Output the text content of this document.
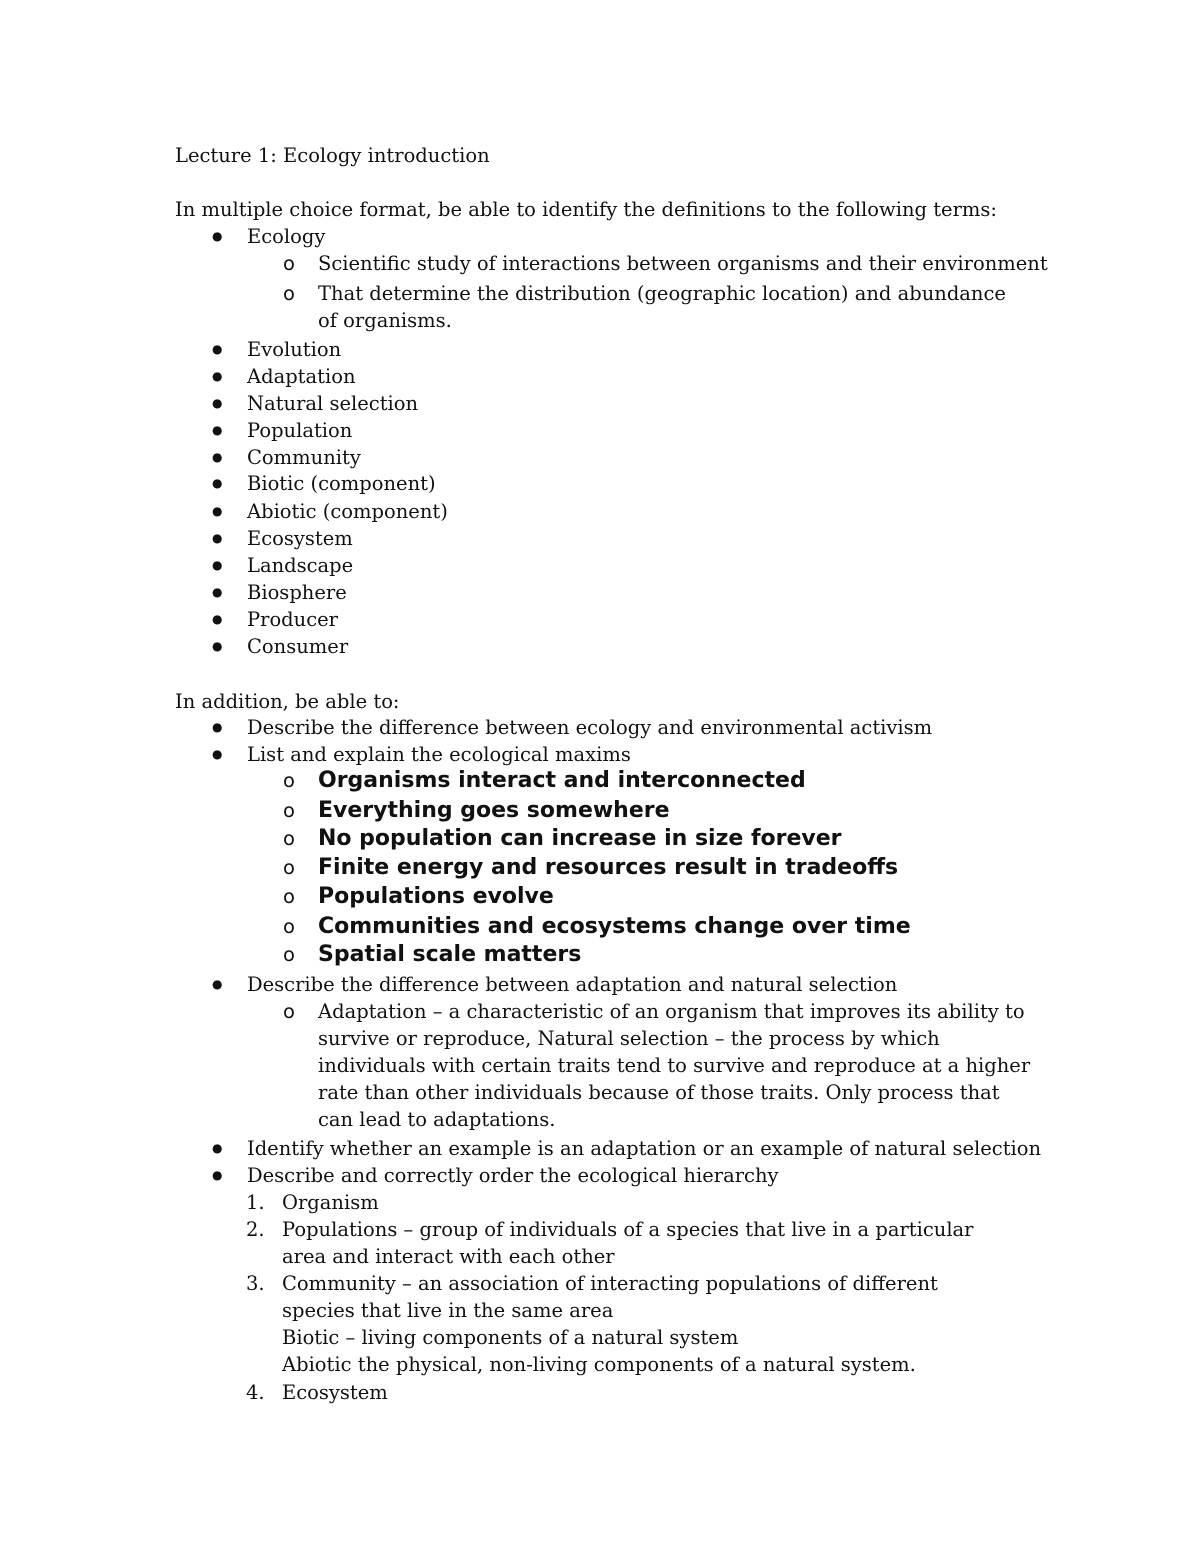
Lecture 1: Ecology introduction
In multiple choice format, be able to identify the definitions to the following terms:
● Ecology
o Scientific study of interactions between organisms and their environment
o That determine the distribution (geographic location) and abundance of organisms.
● Evolution
● Adaptation
● Natural selection
● Population
● Community
● Biotic (component)
● Abiotic (component)
● Ecosystem
● Landscape
● Biosphere
● Producer
● Consumer
In addition, be able to:
● Describe the difference between ecology and environmental activism
● List and explain the ecological maxims
o Organisms interact and interconnected
o Everything goes somewhere
o No population can increase in size forever
o Finite energy and resources result in tradeoffs
o Populations evolve
o Communities and ecosystems change over time
o Spatial scale matters
● Describe the difference between adaptation and natural selection
o Adaptation – a characteristic of an organism that improves its ability to survive or reproduce, Natural selection – the process by which individuals with certain traits tend to survive and reproduce at a higher rate than other individuals because of those traits. Only process that can lead to adaptations.
● Identify whether an example is an adaptation or an example of natural selection
● Describe and correctly order the ecological hierarchy
1. Organism
2. Populations – group of individuals of a species that live in a particular area and interact with each other
3. Community – an association of interacting populations of different species that live in the same area
Biotic – living components of a natural system
Abiotic the physical, non-living components of a natural system.
4. Ecosystem
